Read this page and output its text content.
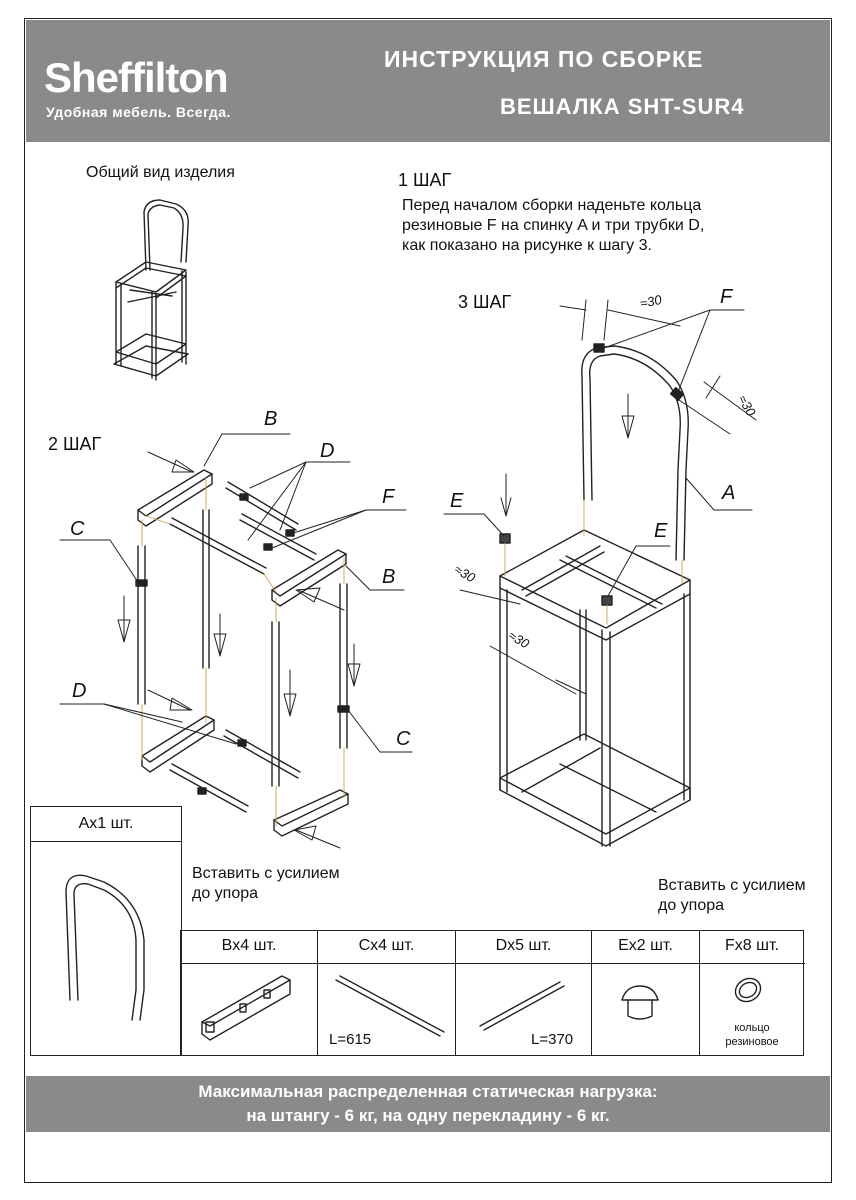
Sheffilton
Удобная мебель. Всегда.
ИНСТРУКЦИЯ ПО СБОРКЕ
ВЕШАЛКА SHT-SUR4
Общий вид изделия	1 ШАГ
Перед началом сборки наденьте кольца
резиновые F на спинку A и три трубки D,
как показано на рисунке к шагу 3.
3 ШАГ
2 ШАГ
Вставить с усилием
до упора	Вставить с усилием
до упора
B
D
F
C
B
D
C
F
A
E
E
≈30
≈30
≈30
≈30
Ax1 шт.
Bx4 шт.	Cx4 шт.	Dx5 шт.	Ex2 шт.	Fx8 шт.
L=615	L=370
кольцо
резиновое
Максимальная распределенная статическая нагрузка:
на штангу - 6 кг, на одну перекладину - 6 кг.
